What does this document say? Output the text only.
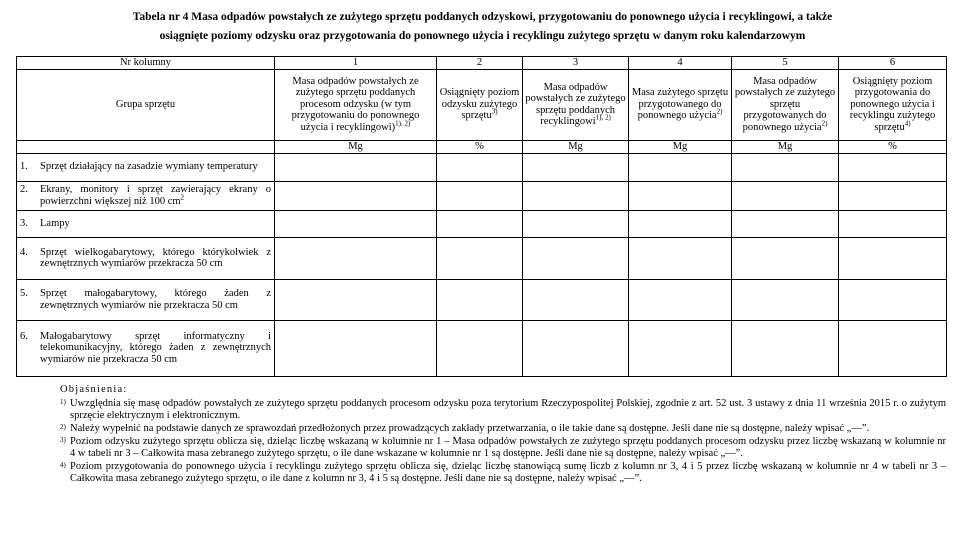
Tabela nr 4 Masa odpadów powstałych ze zużytego sprzętu poddanych odzyskowi, przygotowaniu do ponownego użycia i recyklingowi, a także
osiągnięte poziomy odzysku oraz przygotowania do ponownego użycia i recyklingu zużytego sprzętu w danym roku kalendarzowym
Nr kolumny	1	2	3	4	5	6
Grupa sprzętu	Masa odpadów powstałych ze zużytego sprzętu poddanych procesom odzysku (w tym przygotowaniu do ponownego użycia i recyklingowi)$^{1), 2)}$	Osiągnięty poziom odzysku zużytego sprzętu$^{3)}$	Masa odpadów powstałych ze zużytego sprzętu poddanych recyklingowi$^{1), 2)}$	Masa zużytego sprzętu przygotowanego do ponownego użycia$^{2)}$	Masa odpadów powstałych ze zużytego sprzętu przygotowanych do ponownego użycia$^{2)}$	Osiągnięty poziom przygotowania do ponownego użycia i recyklingu zużytego sprzętu$^{4)}$
	Mg	%	Mg	Mg	Mg	%

1. Sprzęt działający na zasadzie wymiany temperatury						

2. Ekrany, monitory i sprzęt zawierający ekrany o powierzchni większej niż 100 $cm^2$

3. Lampy						

4. Sprzęt wielkogabarytowy, którego którykolwiek z zewnętrznych wymiarów przekracza 50 cm						

5. Sprzęt małogabarytowy, którego żaden z zewnętrznych wymiarów nie przekracza 50 cm						

6. Małogabarytowy sprzęt informatyczny i telekomunikacyjny, którego żaden z zewnętrznych wymiarów nie przekracza 50 cm						

Objaśnienia:
1) Uwzględnia się masę odpadów powstałych ze zużytego sprzętu poddanych procesom odzysku poza terytorium Rzeczypospolitej Polskiej, zgodnie z art. 52 ust. 3 ustawy z dnia 11 września 2015 r. o zużytym sprzęcie elektrycznym i elektronicznym.
2) Należy wypełnić na podstawie danych ze sprawozdań przedłożonych przez prowadzących zakłady przetwarzania, o ile takie dane są dostępne. Jeśli dane nie są dostępne, należy wpisać „—”.
3) Poziom odzysku zużytego sprzętu oblicza się, dzieląc liczbę wskazaną w kolumnie nr 1 – Masa odpadów powstałych ze zużytego sprzętu poddanych procesom odzysku przez liczbę wskazaną w kolumnie nr 4 w tabeli nr 3 – Całkowita masa zebranego zużytego sprzętu, o ile dane wskazane w kolumnie nr 1 są dostępne. Jeśli dane nie są dostępne, należy wpisać „—”.
4) Poziom przygotowania do ponownego użycia i recyklingu zużytego sprzętu oblicza się, dzieląc liczbę stanowiącą sumę liczb z kolumn nr 3, 4 i 5 przez liczbę wskazaną w kolumnie nr 4 w tabeli nr 3 – Całkowita masa zebranego zużytego sprzętu, o ile dane z kolumn nr 3, 4 i 5 są dostępne. Jeśli dane nie są dostępne, należy wpisać „—”.
